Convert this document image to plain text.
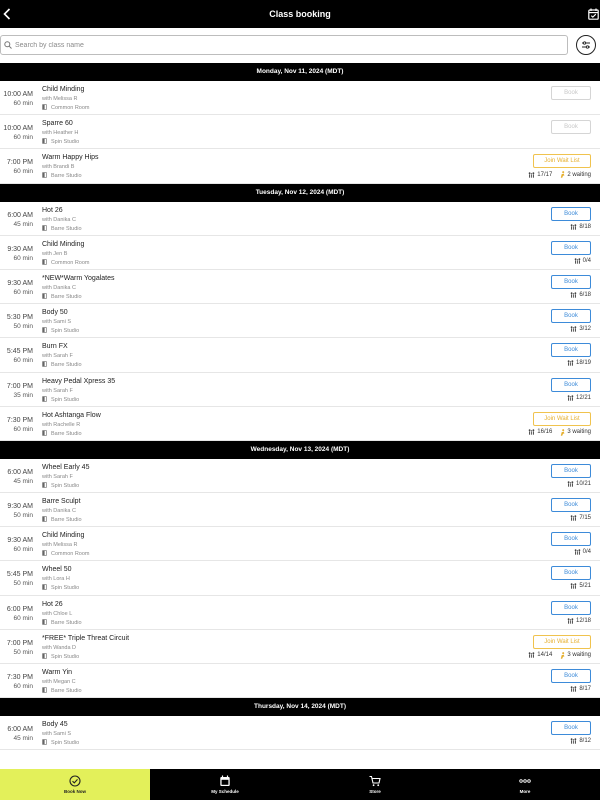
Class booking
Search by class name
Monday, Nov 11, 2024 (MDT)
10:00 AM
60 min
Child Minding
with Melissa R
Common Room
Book
10:00 AM
60 min
Sparre 60
with Heather H
Spin Studio
Book
7:00 PM
60 min
Warm Happy Hips
with Brandi B
Barre Studio
Join Wait List
17/17	2 waiting
Tuesday, Nov 12, 2024 (MDT)
6:00 AM
45 min
Hot 26
with Danika C
Barre Studio
Book
8/18
9:30 AM
60 min
Child Minding
with Jen B
Common Room
Book
0/4
9:30 AM
60 min
*NEW*Warm Yogalates
with Danika C
Barre Studio
Book
6/18
5:30 PM
50 min
Body 50
with Sami S
Spin Studio
Book
3/12
5:45 PM
60 min
Burn FX
with Sarah F
Barre Studio
Book
18/19
7:00 PM
35 min
Heavy Pedal Xpress 35
with Sarah F
Spin Studio
Book
12/21
7:30 PM
60 min
Hot Ashtanga Flow
with Rachelle R
Barre Studio
Join Wait List
16/16	3 waiting
Wednesday, Nov 13, 2024 (MDT)
6:00 AM
45 min
Wheel Early 45
with Sarah F
Spin Studio
Book
10/21
9:30 AM
50 min
Barre Sculpt
with Danika C
Barre Studio
Book
7/15
9:30 AM
60 min
Child Minding
with Melissa R
Common Room
Book
0/4
5:45 PM
50 min
Wheel 50
with Lora H
Spin Studio
Book
5/21
6:00 PM
60 min
Hot 26
with Chloe L
Barre Studio
Book
12/18
7:00 PM
50 min
*FREE* Triple Threat Circuit
with Wanda D
Spin Studio
Join Wait List
14/14	3 waiting
7:30 PM
60 min
Warm Yin
with Megan C
Barre Studio
Book
8/17
Thursday, Nov 14, 2024 (MDT)
6:00 AM
45 min
Body 45
with Sami S
Spin Studio
Book
8/12
Book Now	My Schedule	Store	More
